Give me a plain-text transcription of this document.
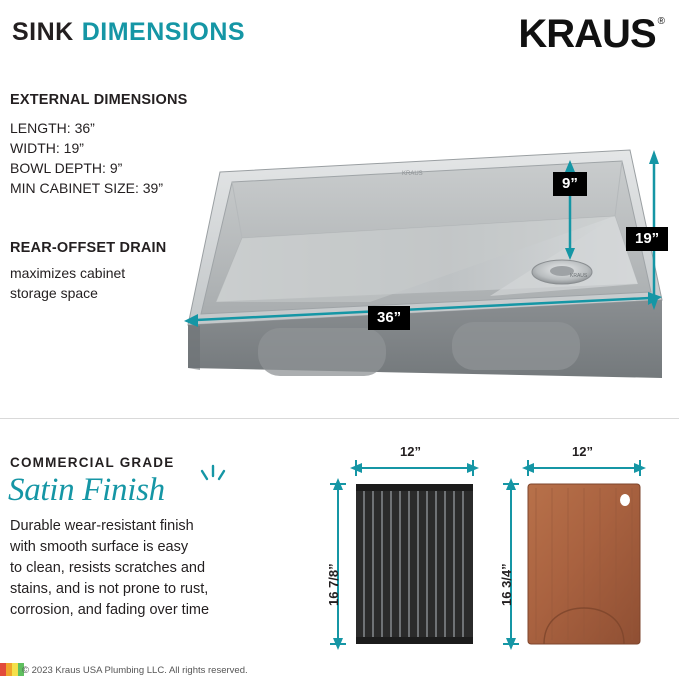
SINK DIMENSIONS	KRAUS ®
EXTERNAL DIMENSIONS
LENGTH: 36”
WIDTH: 19”
BOWL DEPTH: 9”
MIN CABINET SIZE: 39”
REAR-OFFSET DRAIN
maximizes cabinet
storage space
KRAUS
KRAUS
9”
19”
36”
COMMERCIAL GRADE
Satin Finish
Durable wear-resistant finish
with smooth surface is easy
to clean, resists scratches and
stains, and is not prone to rust,
corrosion, and fading over time
12”
16 7/8”
12”
16 3/4”
© 2023 Kraus USA Plumbing LLC. All rights reserved.
